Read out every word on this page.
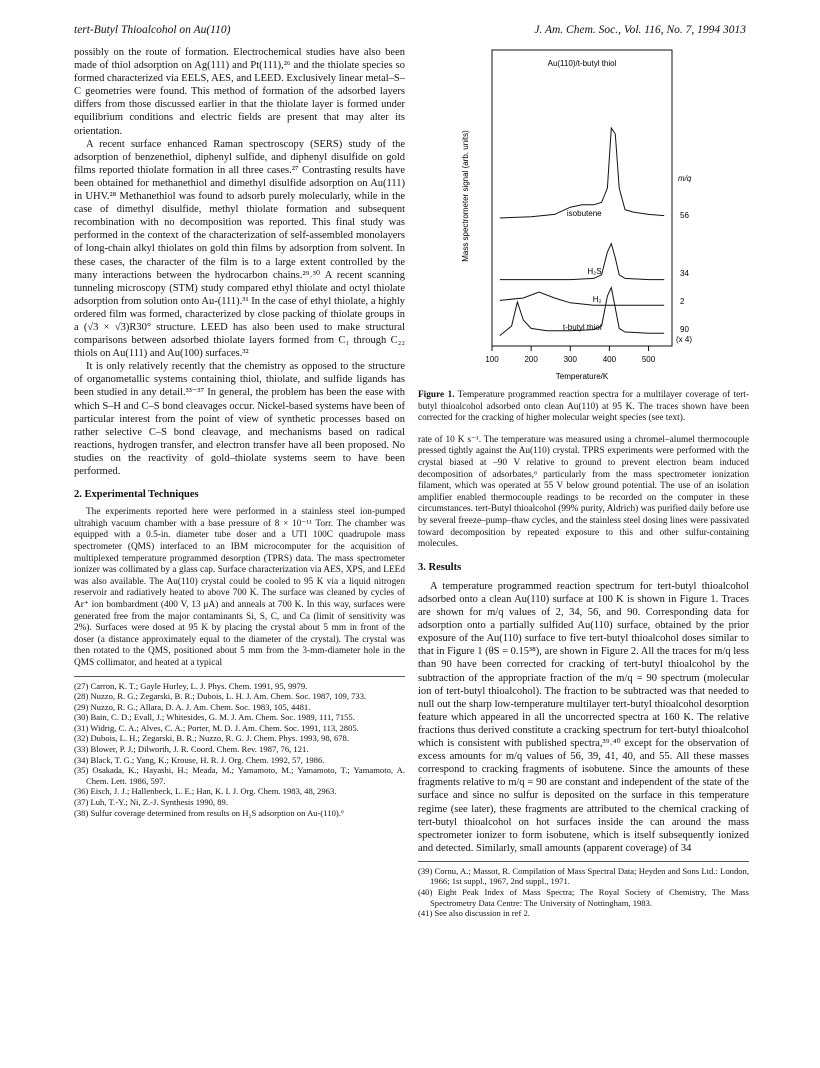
tert-Butyl Thioalcohol on Au(110)	J. Am. Chem. Soc., Vol. 116, No. 7, 1994 3013

possibly on the route of formation. Electrochemical studies have also been made of thiol adsorption on Ag(111) and Pt(111),²⁶ and the thiolate species so formed characterized via EELS, AES, and LEED. Exclusively linear metal–S–C geometries were found. This method of formation of the adsorbed layers differs from those discussed earlier in that the thiolate layer is formed under equilibrium conditions and electric fields are present that may alter its orientation.

A recent surface enhanced Raman spectroscopy (SERS) study of the adsorption of benzenethiol, diphenyl sulfide, and diphenyl disulfide on gold films reported thiolate formation in all three cases.²⁷ Contrasting results have been obtained for methanethiol and dimethyl disulfide adsorption on Au(111) in UHV.²⁸ Methanethiol was found to adsorb purely molecularly, while in the case of dimethyl disulfide, methyl thiolate formation and subsequent recombination with no decomposition was reported. This final study was performed in the context of the characterization of self-assembled monolayers of long-chain alkyl thiolates on gold thin films by adsorption from solvent. In these cases, the character of the film is to a large extent controlled by the many interactions between the hydrocarbon chains.²⁹˒³⁰ A recent scanning tunneling microscopy (STM) study compared ethyl thiolate and octyl thiolate adsorption from solution onto Au-(111).³¹ In the case of ethyl thiolate, a highly ordered film was formed, characterized by close packing of thiolate groups in a (√3 × √3)R30° structure. LEED has also been used to make structural comparisons between adsorbed thiolate layers formed from C₁ through C₂₂ thiols on Au(111) and Au(100) surfaces.³²

It is only relatively recently that the chemistry as opposed to the structure of organometallic systems containing thiol, thiolate, and sulfide ligands has been studied in any detail.³³⁻³⁷ In general, the problem has been the ease with which S–H and C–S bond cleavages occur. Nickel-based systems have been of particular interest from the point of view of synthetic processes based on rather selective C–S bond cleavage, and mechanisms based on radical reactions, hydrogen transfer, and electron transfer have all been proposed. No studies on the reactivity of gold–thiolate systems seem to have been performed.

2. Experimental Techniques

The experiments reported here were performed in a stainless steel ion-pumped ultrahigh vacuum chamber with a base pressure of 8 × 10⁻¹¹ Torr. The chamber was equipped with a 0.5-in. diameter tube doser and a UTI 100C quadrupole mass spectrometer (QMS) interfaced to an IBM microcomputer for the acquisition of multiplexed temperature programmed desorption (TPRS) data. The mass spectrometer ionizer was collimated by a glass cap. Surface characterization via AES, XPS, and LEEd was also available. The Au(110) crystal could be cooled to 95 K via a liquid nitrogen reservoir and radiatively heated to above 700 K. The surface was cleaned by cycles of Ar⁺ ion bombardment (400 V, 13 μA) and anneals at 700 K. In this way, surfaces were generated free from the major contaminants Si, S, C, and Ca (limit of sensitivity was 2%). Surfaces were dosed at 95 K by placing the crystal about 5 mm in front of the doser (a distance approximately equal to the diameter of the crystal). The crystal was then rotated to the QMS, positioned about 5 mm from the 3-mm-diameter hole in the QMS collimator, and heated at a typical

(27) Carron, K. T.; Gayle Hurley, L. J. Phys. Chem. 1991, 95, 9979.
(28) Nuzzo, R. G.; Zegarski, B. R.; Dubois, L. H. J. Am. Chem. Soc. 1987, 109, 733.
(29) Nuzzo, R. G.; Allara, D. A. J. Am. Chem. Soc. 1983, 105, 4481.
(30) Bain, C. D.; Evall, J.; Whitesides, G. M. J. Am. Chem. Soc. 1989, 111, 7155.
(31) Widrig, C. A.; Alves, C. A.; Porter, M. D. J. Am. Chem. Soc. 1991, 113, 2805.
(32) Dubois, L. H.; Zegarski, B. R.; Nuzzo, R. G. J. Chem. Phys. 1993, 98, 678.
(33) Blower, P. J.; Dilworth, J. R. Coord. Chem. Rev. 1987, 76, 121.
(34) Black, T. G.; Yang, K.; Krouse, H. R. J. Org. Chem. 1992, 57, 1986.
(35) Osakada, K.; Hayashi, H.; Meada, M.; Yamamoto, M.; Yamamoto, T.; Yamamoto, A. Chem. Lett. 1986, 597.
(36) Eisch, J. J.; Hallenbeck, L. E.; Han, K. I. J. Org. Chem. 1983, 48, 2963.
(37) Luh, T.-Y.; Ni, Z.-J. Synthesis 1990, 89.
(38) Sulfur coverage determined from results on H₂S adsorption on Au-(110).⁶
Au(110)/t-butyl thiol
Mass spectrometer signal (arb. units)	m/q
isobutene	56
H₂S	34
H₂	2
t-butyl thiol	90
(x 4)
100	200	300	400	500
Temperature/K
Figure 1. Temperature programmed reaction spectra for a multilayer coverage of tert-butyl thioalcohol adsorbed onto clean Au(110) at 95 K. The traces shown have been corrected for the cracking of higher molecular weight species (see text).

rate of 10 K s⁻¹. The temperature was measured using a chromel–alumel thermocouple pressed tightly against the Au(110) crystal. TPRS experiments were performed with the crystal biased at –90 V relative to ground to prevent electron beam induced decomposition of adsorbates,⁶ particularly from the mass spectrometer ionization filament, which was operated at 55 V below ground potential. The use of an isolation amplifier enabled thermocouple readings to be recorded on the computer in these circumstances. tert-Butyl thioalcohol (99% purity, Aldrich) was purified daily before use by several freeze–pump–thaw cycles, and the stainless steel dosing lines were passivated toward decomposition by repeated exposure to this and other sulfur-containing molecules.

3. Results

A temperature programmed reaction spectrum for tert-butyl thioalcohol adsorbed onto a clean Au(110) surface at 100 K is shown in Figure 1. Traces are shown for m/q values of 2, 34, 56, and 90. Corresponding data for adsorption onto a partially sulfided Au(110) surface, obtained by the prior exposure of the Au(110) surface to five tert-butyl thioalcohol doses similar to that in Figure 1 (θS = 0.15³⁸), are shown in Figure 2. All the traces for m/q less than 90 have been corrected for cracking of tert-butyl thioalcohol by the subtraction of the appropriate fraction of the m/q = 90 spectrum (molecular ion of tert-butyl thioalcohol). The fraction to be subtracted was that needed to null out the sharp low-temperature multilayer tert-butyl thioalcohol desorption feature which appeared in all the uncorrected spectra at 160 K. The relative fractions thus derived constitute a cracking spectrum for tert-butyl thioalcohol which is consistent with published spectra,³⁹˒⁴⁰ except for the observation of excess amounts for m/q values of 56, 39, 41, 40, and 55. All these masses correspond to cracking fragments of isobutene. Since the amounts of these fragments relative to m/q = 90 are constant and independent of the state of the surface and since no sulfur is deposited on the surface in this temperature regime (see later), these fragments are attributed to the chemical cracking of tert-butyl thioalcohol on hot surfaces inside the can around the mass spectrometer ionizer to form isobutene, which is itself subsequently ionized and detected. Similarly, small amounts (apparent coverage) of 34

(39) Cornu, A.; Massot, R. Compilation of Mass Spectral Data; Heyden and Sons Ltd.: London, 1966; 1st suppl., 1967, 2nd suppl., 1971.
(40) Eight Peak Index of Mass Spectra; The Royal Society of Chemistry, The Mass Spectrometry Data Centre: The University of Nottingham, 1983.
(41) See also discussion in ref 2.
